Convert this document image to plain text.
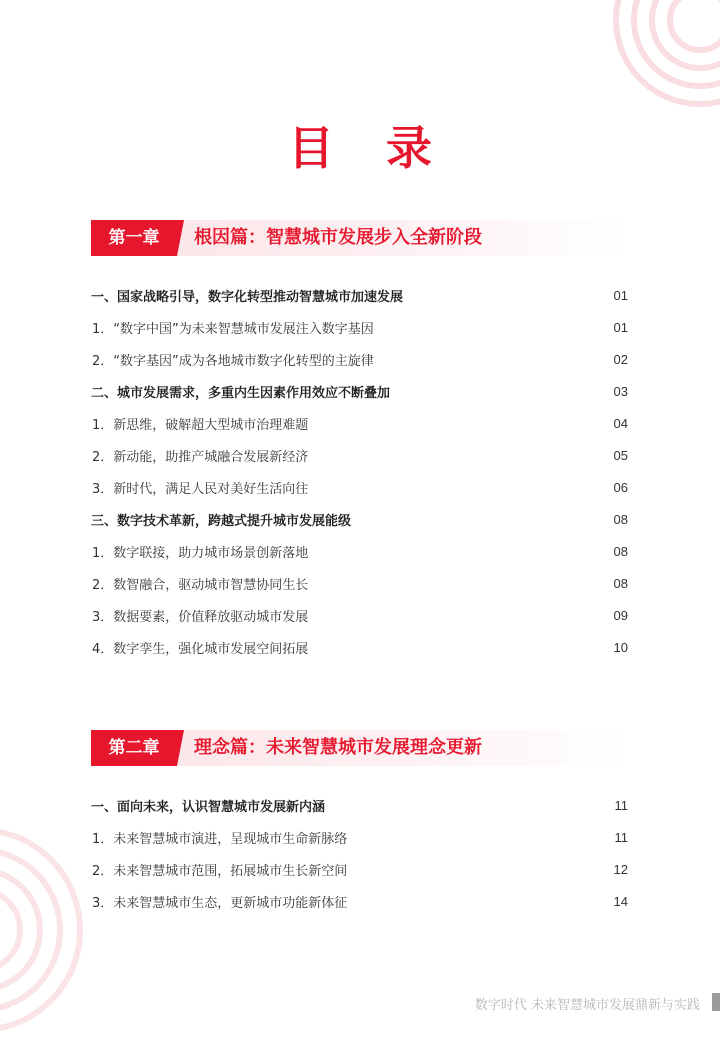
目 录
第一章	根因篇：智慧城市发展步入全新阶段
一、国家战略引导，数字化转型推动智慧城市加速发展	01
1．“数字中国”为未来智慧城市发展注入数字基因	01
2．“数字基因”成为各地城市数字化转型的主旋律	02
二、城市发展需求，多重内生因素作用效应不断叠加	03
1．新思维，破解超大型城市治理难题	04
2．新动能，助推产城融合发展新经济	05
3．新时代，满足人民对美好生活向往	06
三、数字技术革新，跨越式提升城市发展能级	08
1．数字联接，助力城市场景创新落地	08
2．数智融合，驱动城市智慧协同生长	08
3．数据要素，价值释放驱动城市发展	09
4．数字孪生，强化城市发展空间拓展	10
第二章	理念篇：未来智慧城市发展理念更新
一、面向未来，认识智慧城市发展新内涵	11
1．未来智慧城市演进，呈现城市生命新脉络	11
2．未来智慧城市范围，拓展城市生长新空间	12
3．未来智慧城市生态，更新城市功能新体征	14
数字时代 未来智慧城市发展鼎新与实践
